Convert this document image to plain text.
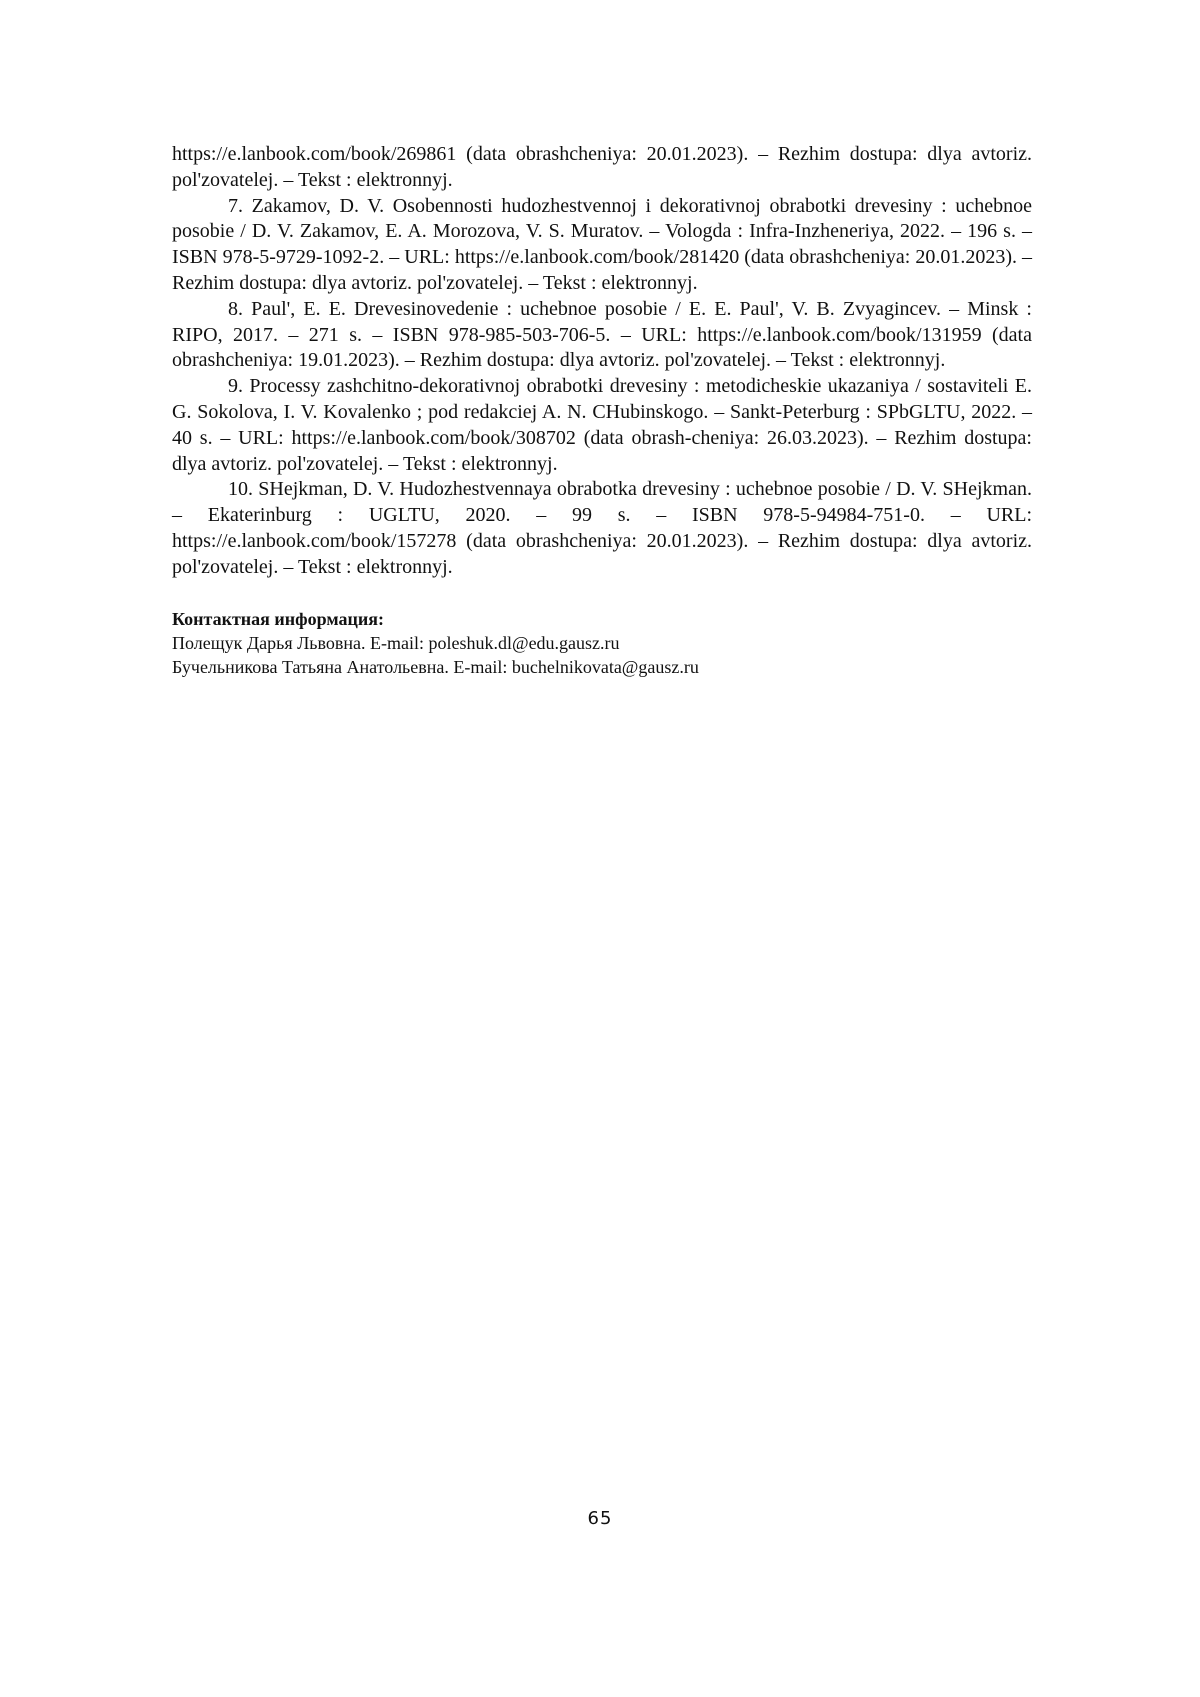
https://e.lanbook.com/book/269861 (data obrashcheniya: 20.01.2023). – Rezhim dostupa: dlya avtoriz. pol'zovatelej. – Tekst : elektronnyj.

7. Zakamov, D. V. Osobennosti hudozhestvennoj i dekorativnoj obrabotki drevesiny : uchebnoe posobie / D. V. Zakamov, E. A. Morozova, V. S. Muratov. – Vologda : Infra-Inzheneriya, 2022. – 196 s. – ISBN 978-5-9729-1092-2. – URL: https://e.lanbook.com/book/281420 (data obrashcheniya: 20.01.2023). – Rezhim dostupa: dlya avtoriz. pol'zovatelej. – Tekst : elektronnyj.

8. Paul', E. E. Drevesinovedenie : uchebnoe posobie / E. E. Paul', V. B. Zvyagincev. – Minsk : RIPO, 2017. – 271 s. – ISBN 978-985-503-706-5. – URL: https://e.lanbook.com/book/131959 (data obrashcheniya: 19.01.2023). – Rezhim dostupa: dlya avtoriz. pol'zovatelej. – Tekst : elektronnyj.

9. Processy zashchitno-dekorativnoj obrabotki drevesiny : metodicheskie ukazaniya / sostaviteli E. G. Sokolova, I. V. Kovalenko ; pod redakciej A. N. CHubinskogo. – Sankt-Peterburg : SPbGLTU, 2022. – 40 s. – URL: https://e.lanbook.com/book/308702 (data obrash-cheniya: 26.03.2023). – Rezhim dostupa: dlya avtoriz. pol'zovatelej. – Tekst : elektronnyj.

10. SHejkman, D. V. Hudozhestvennaya obrabotka drevesiny : uchebnoe posobie / D. V. SHejkman. – Ekaterinburg : UGLTU, 2020. – 99 s. – ISBN 978-5-94984-751-0. – URL: https://e.lanbook.com/book/157278 (data obrashcheniya: 20.01.2023). – Rezhim dostupa: dlya avtoriz. pol'zovatelej. – Tekst : elektronnyj.

Контактная информация:

Полещук Дарья Львовна. E-mail: poleshuk.dl@edu.gausz.ru

Бучельникова Татьяна Анатольевна. E-mail: buchelnikovata@gausz.ru

65
